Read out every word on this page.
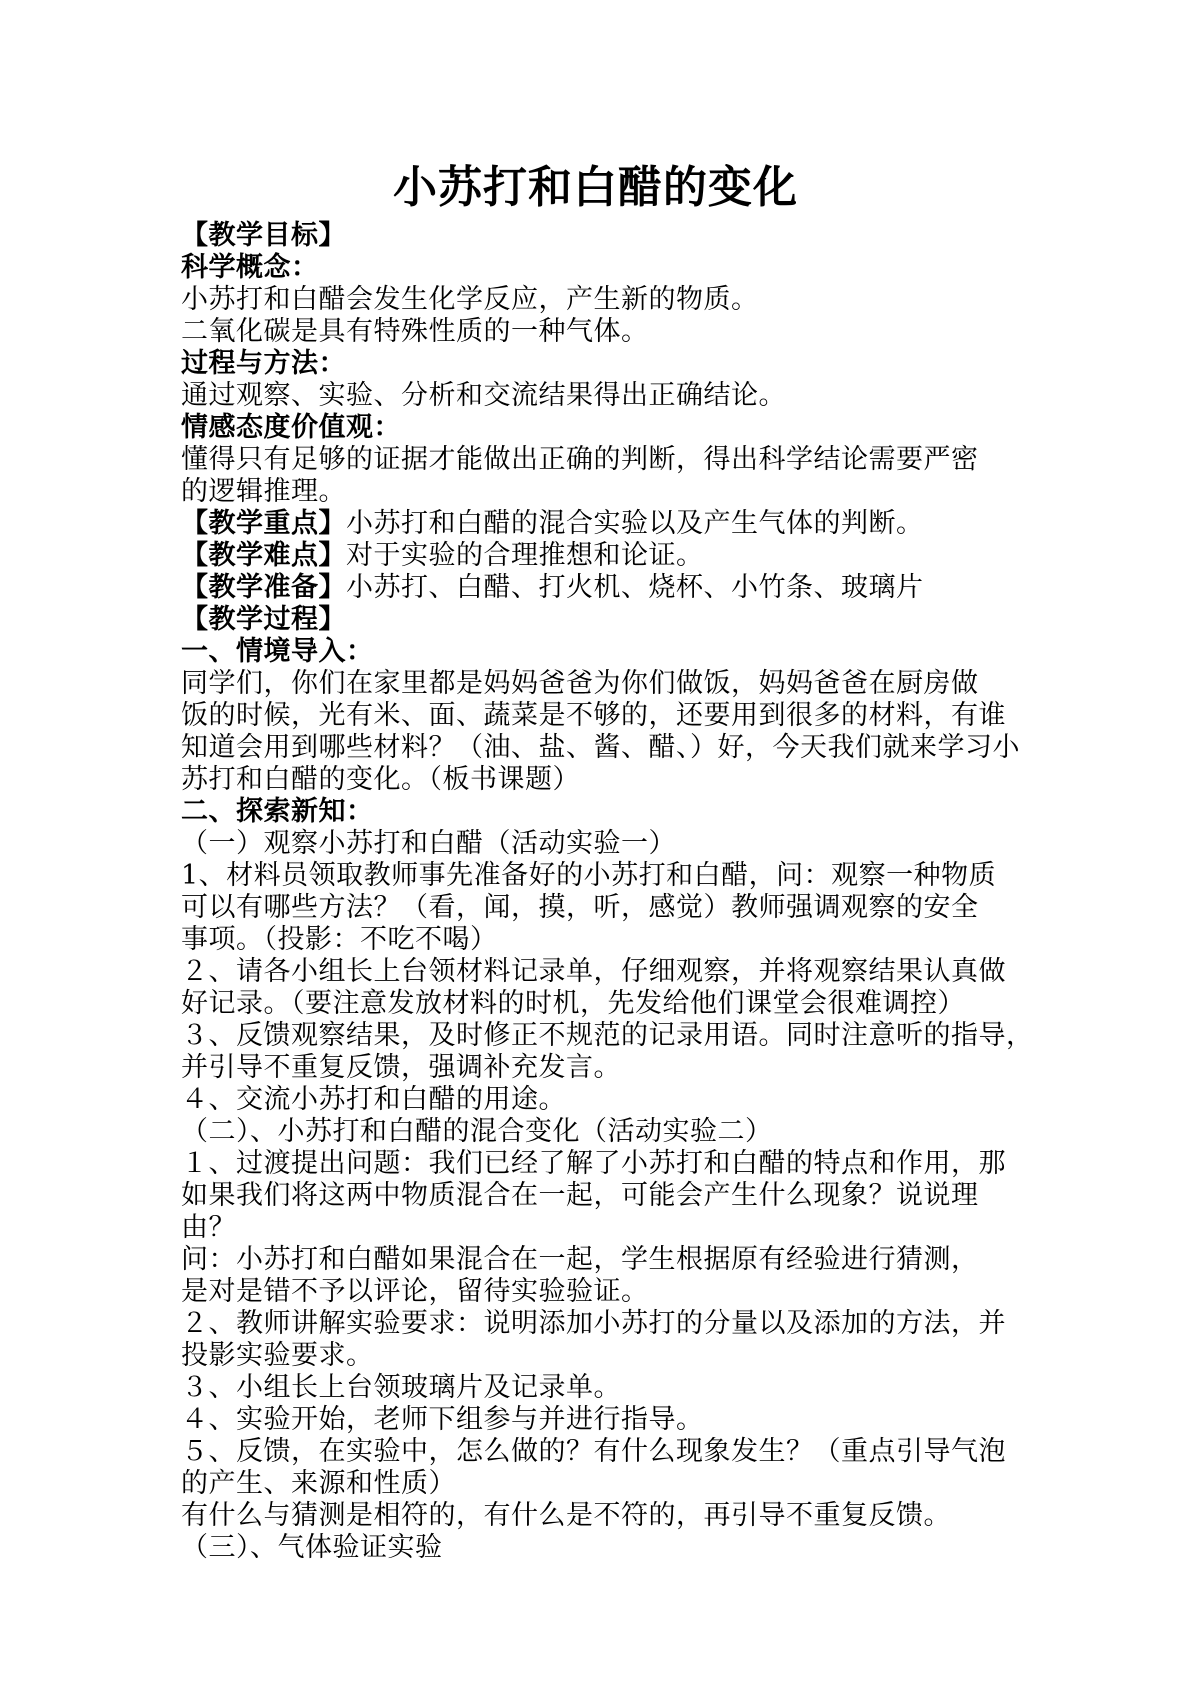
小苏打和白醋的变化
【教学目标】
科学概念：
小苏打和白醋会发生化学反应，产生新的物质。
二氧化碳是具有特殊性质的一种气体。
过程与方法：
通过观察、实验、分析和交流结果得出正确结论。
情感态度价值观：
懂得只有足够的证据才能做出正确的判断，得出科学结论需要严密
的逻辑推理。
【教学重点】小苏打和白醋的混合实验以及产生气体的判断。
【教学难点】对于实验的合理推想和论证。
【教学准备】小苏打、白醋、打火机、烧杯、小竹条、玻璃片
【教学过程】
一、情境导入：
同学们，你们在家里都是妈妈爸爸为你们做饭，妈妈爸爸在厨房做
饭的时候，光有米、面、蔬菜是不够的，还要用到很多的材料，有谁
知道会用到哪些材料？（油、盐、酱、醋、）好，今天我们就来学习小
苏打和白醋的变化。（板书课题）
二、探索新知：
（一）观察小苏打和白醋（活动实验一）
1、材料员领取教师事先准备好的小苏打和白醋，问：观察一种物质
可以有哪些方法？（看，闻，摸，听，感觉）教师强调观察的安全
事项。（投影：不吃不喝）
２、请各小组长上台领材料记录单，仔细观察，并将观察结果认真做
好记录。（要注意发放材料的时机，先发给他们课堂会很难调控）
３、反馈观察结果，及时修正不规范的记录用语。同时注意听的指导，
并引导不重复反馈，强调补充发言。
４、交流小苏打和白醋的用途。
（二）、小苏打和白醋的混合变化（活动实验二）
１、过渡提出问题：我们已经了解了小苏打和白醋的特点和作用，那
如果我们将这两中物质混合在一起，可能会产生什么现象？说说理
由？
问：小苏打和白醋如果混合在一起，学生根据原有经验进行猜测，
是对是错不予以评论，留待实验验证。
２、教师讲解实验要求：说明添加小苏打的分量以及添加的方法，并
投影实验要求。
３、小组长上台领玻璃片及记录单。
４、实验开始，老师下组参与并进行指导。
５、反馈，在实验中，怎么做的？有什么现象发生？（重点引导气泡
的产生、来源和性质）
有什么与猜测是相符的，有什么是不符的，再引导不重复反馈。
（三）、气体验证实验
